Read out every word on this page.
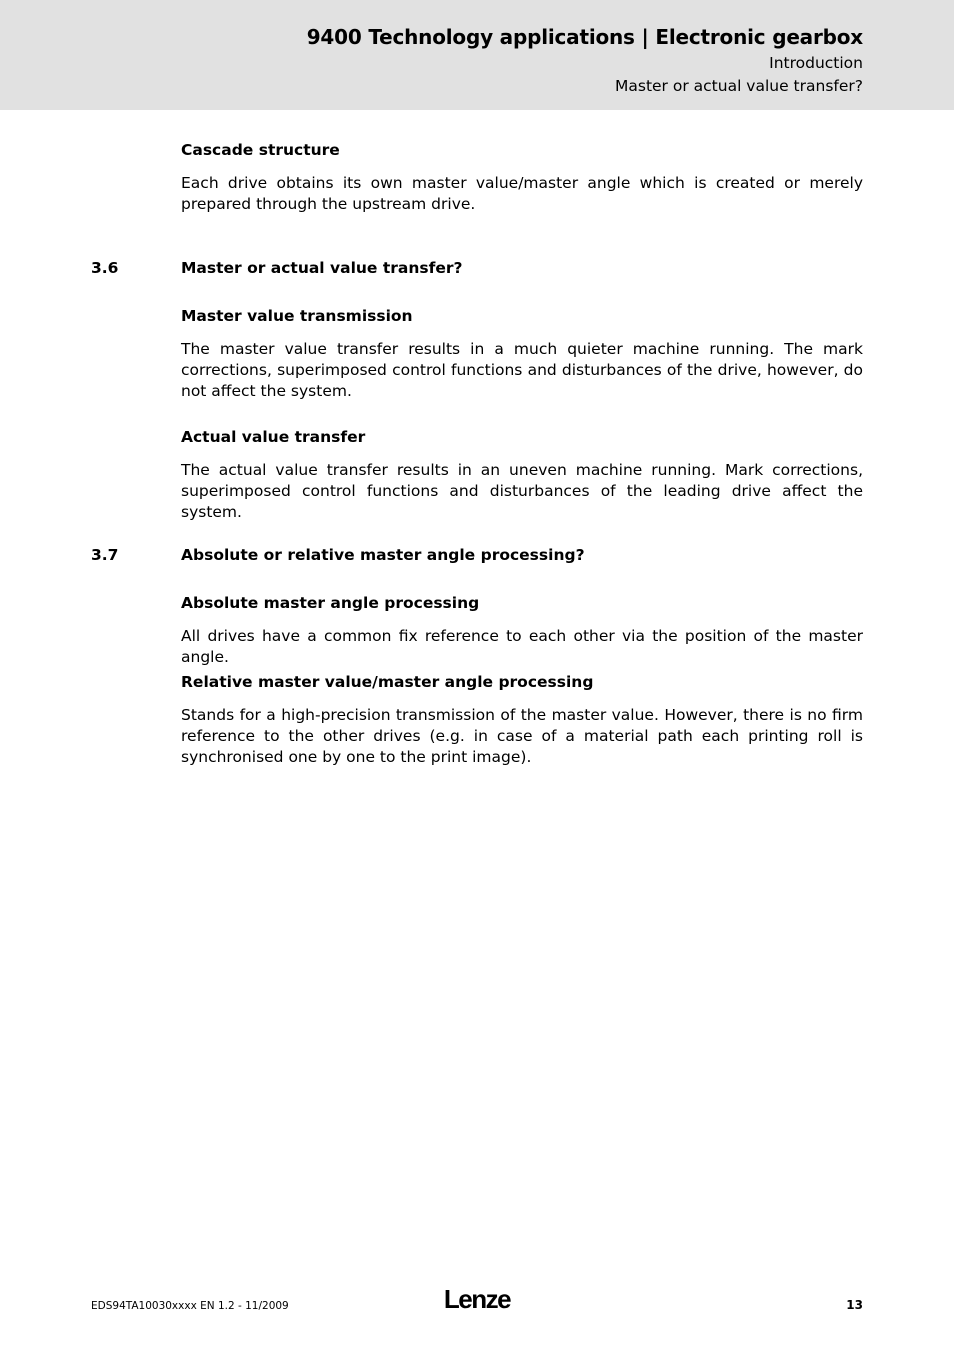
9400 Technology applications | Electronic gearbox
Introduction
Master or actual value transfer?
Cascade structure

Each drive obtains its own master value/master angle which is created or merely prepared through the upstream drive.

3.6	Master or actual value transfer?
Master value transmission

The master value transfer results in a much quieter machine running. The mark corrections, superimposed control functions and disturbances of the drive, however, do not affect the system.

Actual value transfer

The actual value transfer results in an uneven machine running. Mark corrections, superimposed control functions and disturbances of the leading drive affect the system.

3.7	Absolute or relative master angle processing?
Absolute master angle processing

All drives have a common fix reference to each other via the position of the master angle.

Relative master value/master angle processing

Stands for a high-precision transmission of the master value. However, there is no firm reference to the other drives (e.g. in case of a material path each printing roll is synchronised one by one to the print image).

EDS94TA10030xxxx EN 1.2 - 11/2009	Lenze	13
